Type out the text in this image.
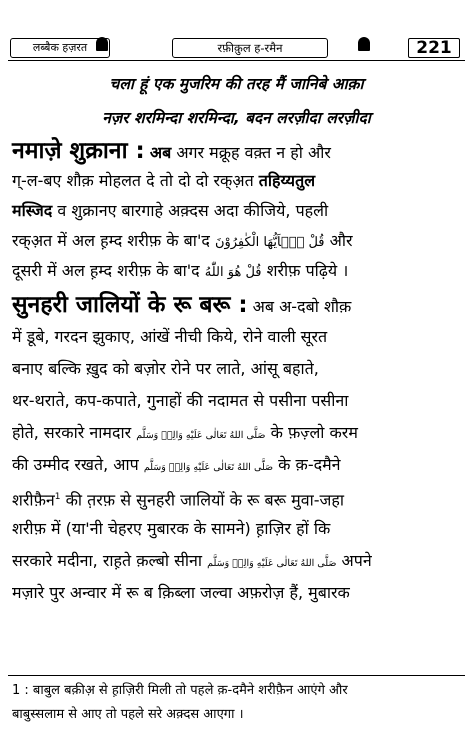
लब्बैक हज़रत	रफ़ीक़ुल ह-रमैन	221
चला हूं एक मुजरिम की तरह मैं जानिबे आक़ा
नज़र शरमिन्दा शरमिन्दा, बदन लरज़ीदा लरज़ीदा
नमाज़े शुक्राना : अब अगर मक्रूह वक़्त न हो और
ग्-ल-बए शौक़ मोहलत दे तो दो दो रक्अ़त तहिय्यतुल
मस्जिद व शुक्रानए बारगाहे अक़्दस अदा कीजिये, पहली
रक्अ़त में अल ह़म्द शरीफ़ के बा'द قُلْ يٰۤاَيُّهَا الْكٰفِرُوْنَ और
दूसरी में अल ह़म्द शरीफ़ के बा'द قُلْ هُوَ اللّٰهُ शरीफ़ पढ़िये ।
सुनहरी जालियों के रू बरू : अब अ-दबो शौक़
में डूबे, गरदन झुकाए, आंखें नीची किये, रोने वाली सूरत
बनाए बल्कि ख़ुद को बज़ोर रोने पर लाते, आंसू बहाते,
थर-थराते, कप-कपाते, गुनाहों की नदामत से पसीना पसीना
होते, सरकारे नामदार صَلَّى اللهُ تَعَالٰى عَلَيْهِ وَالِهٖ وَسَلَّم के फ़ज़्लो करम
की उम्मीद रखते, आप صَلَّى اللهُ تَعَالٰى عَلَيْهِ وَالِهٖ وَسَلَّم के क़-दमैने
शरीफ़ैन$^1$ की त़रफ़ से सुनहरी जालियों के रू बरू मुवा-जहा
शरीफ़ में (या'नी चेहरए मुबारक के सामने) ह़ाज़िर हों कि
सरकारे मदीना, राह़ते क़ल्बो सीना صَلَّى اللهُ تَعَالٰى عَلَيْهِ وَالِهٖ وَسَلَّم अपने
मज़ारे पुर अन्वार में रू ब क़िब्ला जल्वा अफ़रोज़ हैं, मुबारक
1 : बाबुल बक़ीअ़ से ह़ाज़िरी मिली तो पहले क़-दमैने शरीफ़ैन आएंगे और
बाबुस्सलाम से आए तो पहले सरे अक़्दस आएगा ।
